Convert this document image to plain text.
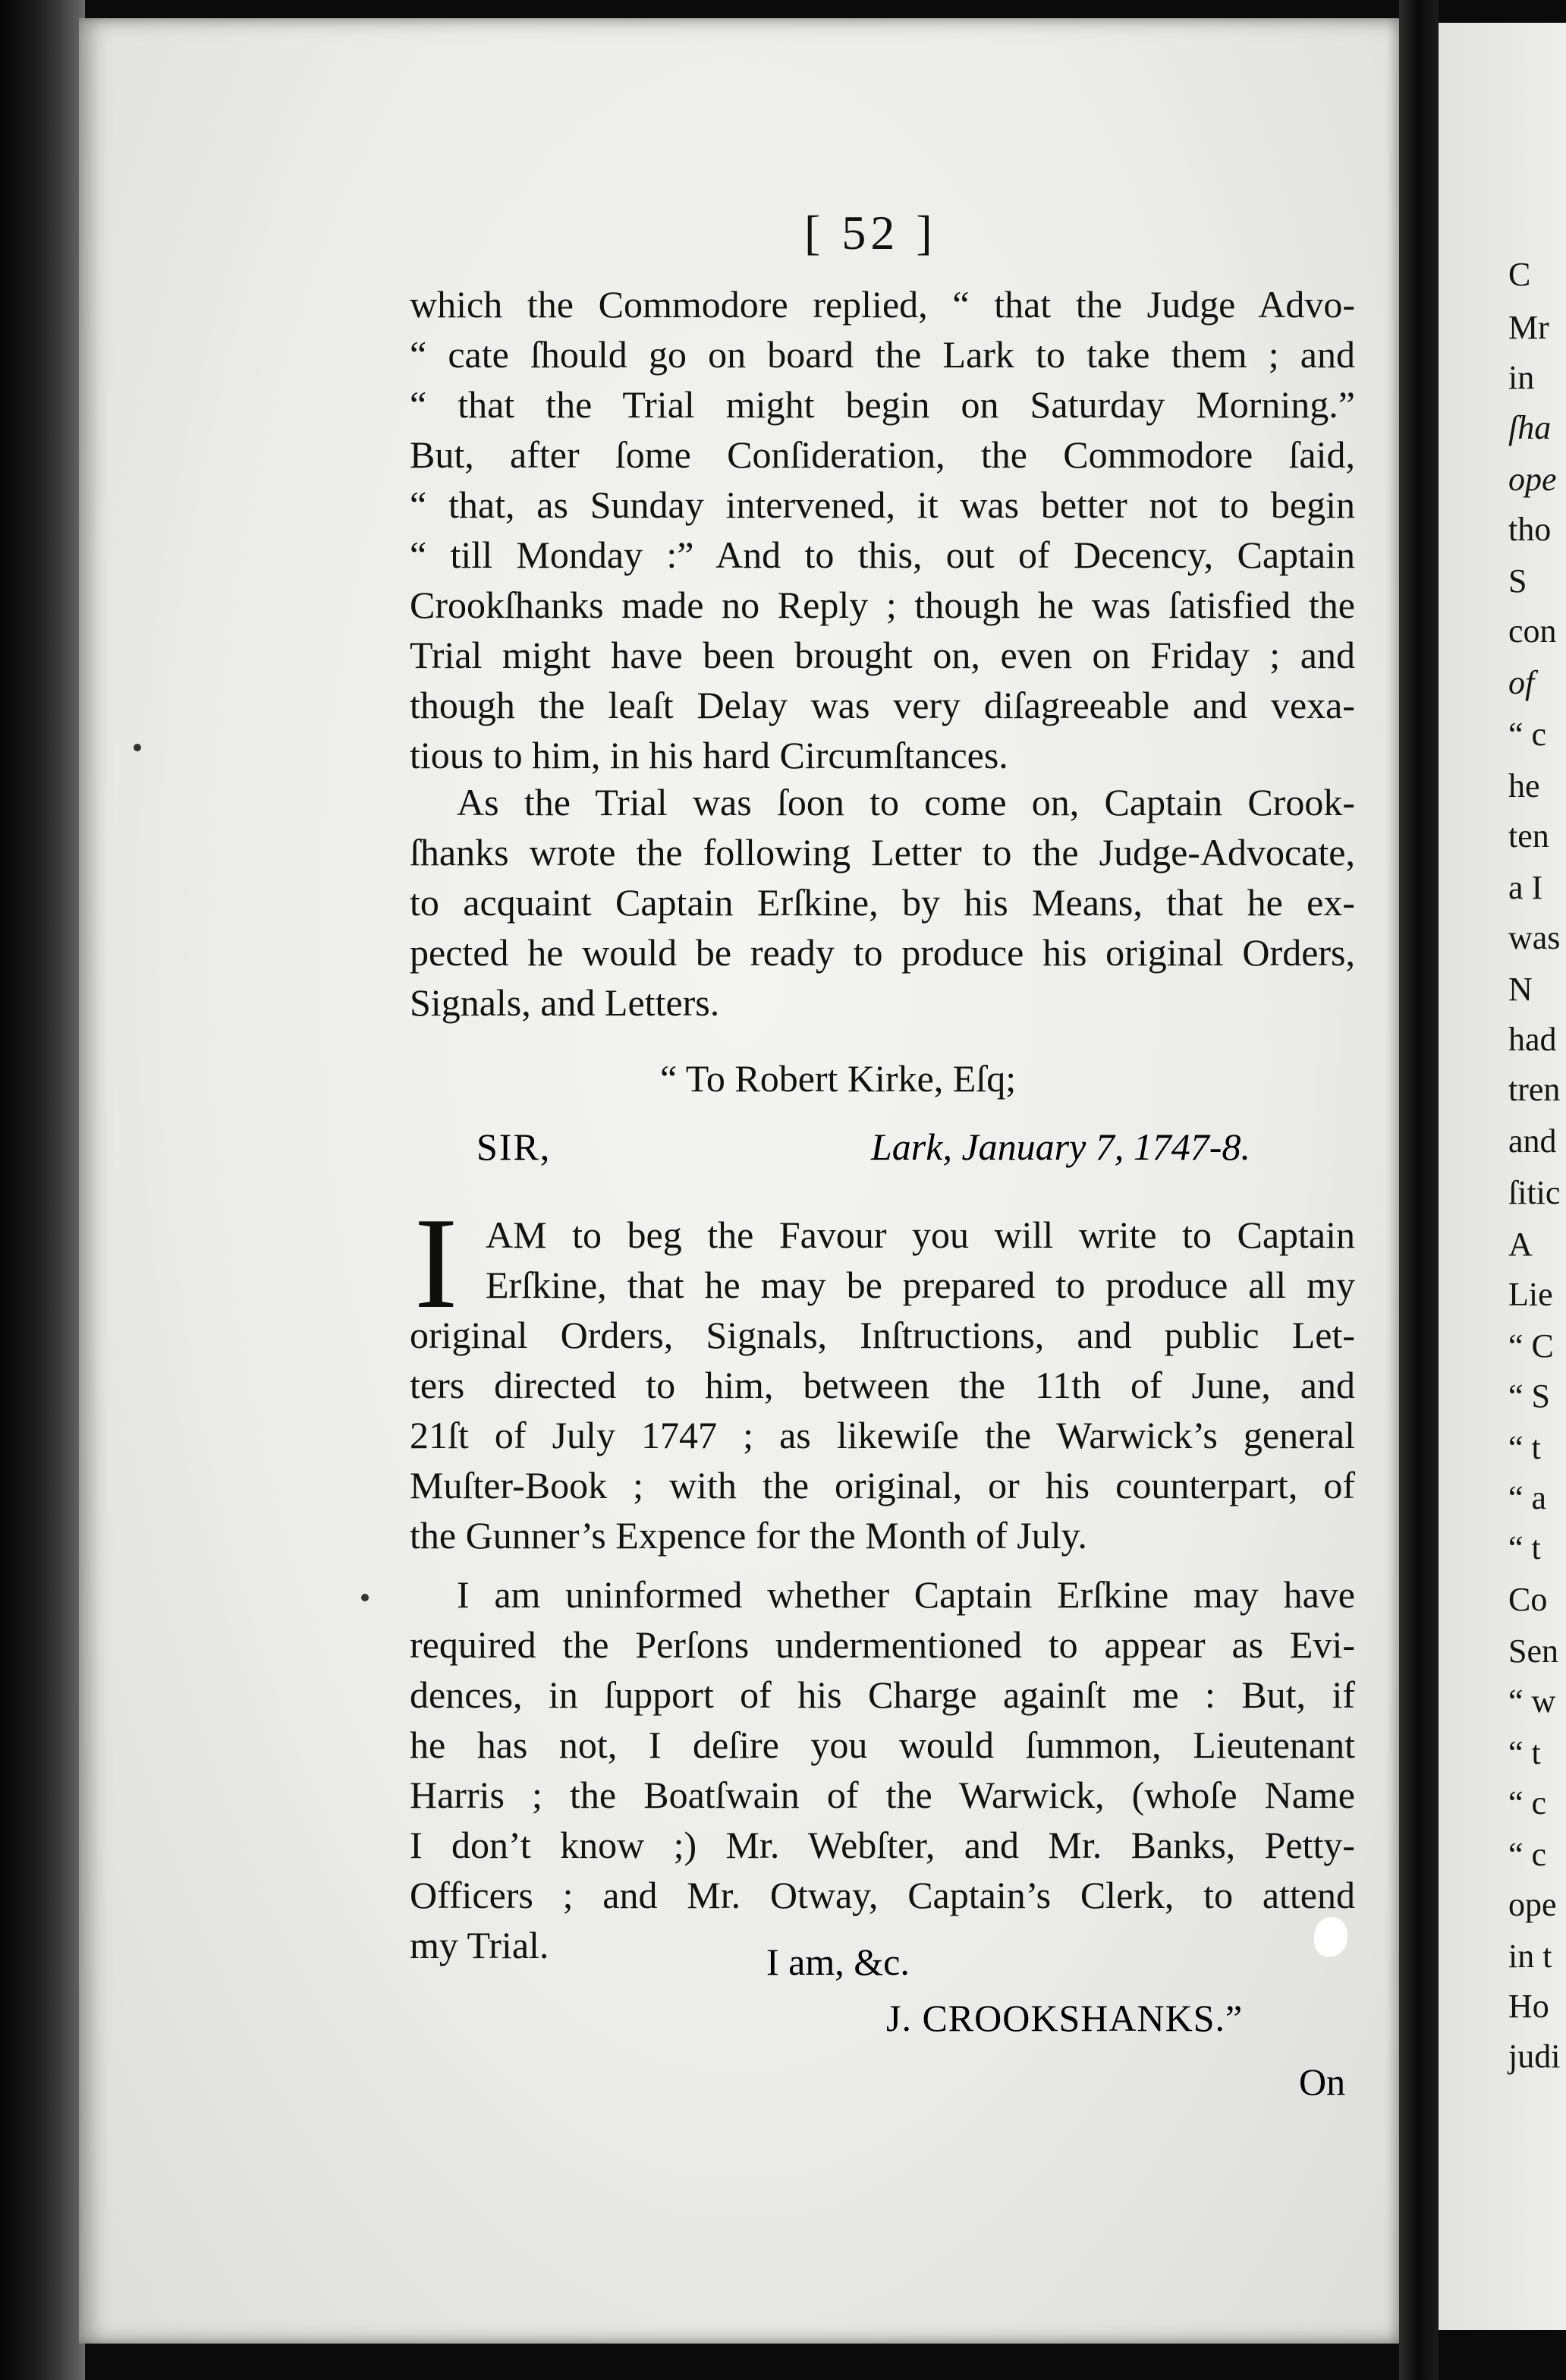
C
Mr
in
ſha
ope
tho
S
con
of
“ c
he
ten
a I
was
N
had
tren
and
ſitic
A
Lie
“ C
“ S
“ t
“ a
“ t
Co
Sen
“ w
“ t
“ c
“ c
ope
in t
Ho
judi
[ 52 ]
which the Commodore replied, “ that the Judge Advo-
“ cate ſhould go on board the Lark to take them ; and
“ that the Trial might begin on Saturday Morning.”
But, after ſome Conſideration, the Commodore ſaid,
“ that, as Sunday intervened, it was better not to begin
“ till Monday :” And to this, out of Decency, Captain
Crookſhanks made no Reply ; though he was ſatisfied the
Trial might have been brought on, even on Friday ; and
though the leaſt Delay was very diſagreeable and vexa-
tious to him, in his hard Circumſtances.
As the Trial was ſoon to come on, Captain Crook-
ſhanks wrote the following Letter to the Judge-Advocate,
to acquaint Captain Erſkine, by his Means, that he ex-
pected he would be ready to produce his original Orders,
Signals, and Letters.
“ To Robert Kirke, Eſq;
SIR,	Lark, January 7, 1747-8.
I AM to beg the Favour you will write to Captain
Erſkine, that he may be prepared to produce all my
original Orders, Signals, Inſtructions, and public Let-
ters directed to him, between the 11th of June, and
21ſt of July 1747 ; as likewiſe the Warwick’s general
Muſter-Book ; with the original, or his counterpart, of
the Gunner’s Expence for the Month of July.
I am uninformed whether Captain Erſkine may have
required the Perſons undermentioned to appear as Evi-
dences, in ſupport of his Charge againſt me : But, if
he has not, I deſire you would ſummon, Lieutenant
Harris ; the Boatſwain of the Warwick, (whoſe Name
I don’t know ;) Mr. Webſter, and Mr. Banks, Petty-
Officers ; and Mr. Otway, Captain’s Clerk, to attend
my Trial.	I am, &c.
J. CROOKSHANKS.”
On
